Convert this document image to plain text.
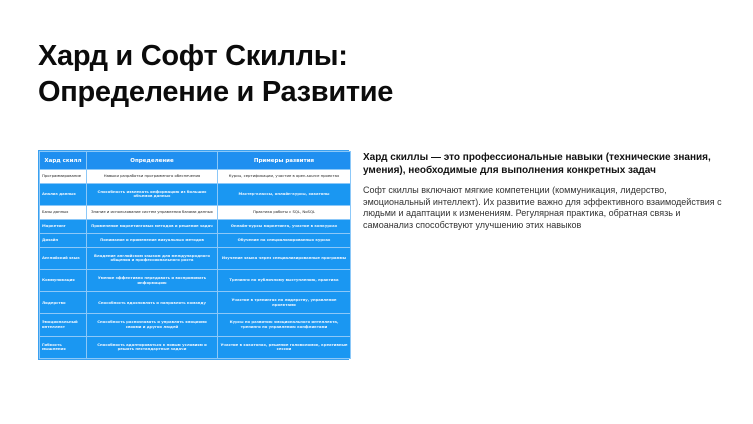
Хард и Софт Скиллы:
Определение и Развитие
Хард скилл	Определение	Примеры развития
Программирование	Навыки разработки программного обеспечения	Курсы, сертификации, участие в open-source проектах
Анализ данных	Способность извлекать информацию из больших объемов данных	Мастер-классы, онлайн-курсы, хакатоны
Базы данных	Знание и использование систем управления базами данных	Практика работы с SQL, NoSQL
Маркетинг	Применение маркетинговых методов и решение задач	Онлайн-курсы маркетинга, участие в конкурсах
Дизайн	Понимание и применение визуальных методов	Обучение на специализированных курсах
Английский язык	Владение английским языком для международного общения и профессионального роста	Изучение языка через специализированные программы
Коммуникация	Умение эффективно передавать и воспринимать информацию	Тренинги по публичному выступлению, практика
Лидерство	Способность вдохновлять и направлять команду	Участие в тренингах по лидерству, управление проектами
Эмоциональный интеллект	Способность распознавать и управлять эмоциями своими и других людей	Курсы по развитию эмоционального интеллекта, тренинги по управлению конфликтами
Гибкость мышления	Способность адаптироваться к новым условиям и решать нестандартные задачи	Участие в хакатонах, решение головоломок, креативные сессии

Хард скиллы — это профессиональные навыки (технические знания, умения), необходимые для выполнения конкретных задач

Софт скиллы включают мягкие компетенции (коммуникация, лидерство, эмоциональный интеллект). Их развитие важно для эффективного взаимодействия с людьми и адаптации к изменениям. Регулярная практика, обратная связь и самоанализ способствуют улучшению этих навыков
